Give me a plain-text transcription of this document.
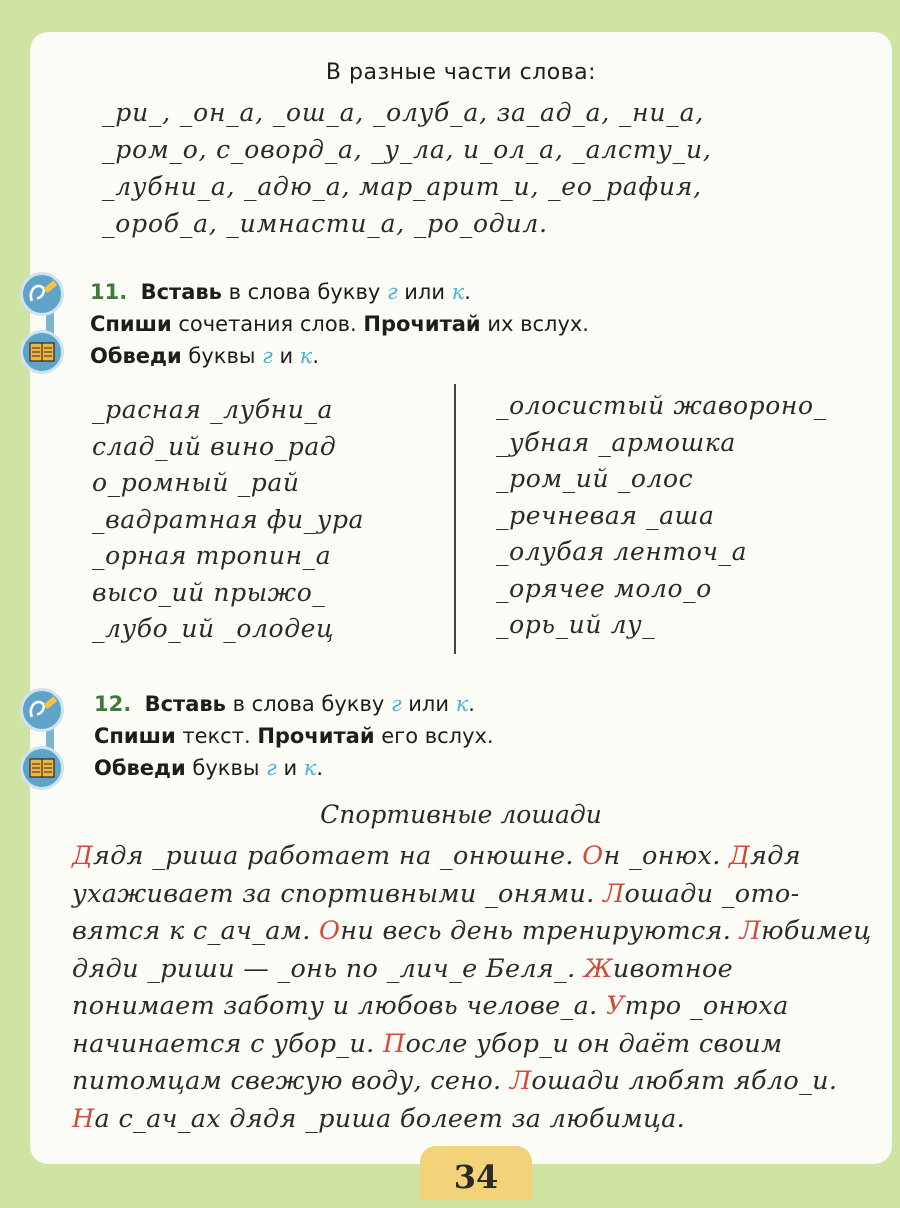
В разные части слова:
_ри_, _он_а, _ош_а, _олуб_а, за_ад_а, _ни_а,
_ром_о, с_оворд_а, _у_ла, и_ол_а, _алсту_и,
_лубни_а, _адю_а, мар_арит_и, _ео_рафия,
_ороб_а, _имнасти_а, _ро_одил.
11. Вставь в слова букву г или к.
Спиши сочетания слов. Прочитай их вслух.
Обведи буквы г и к.
_расная _лубни_а
слад_ий вино_рад
о_ромный _рай
_вадратная фи_ура
_орная тропин_а
высо_ий прыжо_
_лубо_ий _олодец
_олосистый жавороно_
_убная _армошка
_ром_ий _олос
_речневая _аша
_олубая ленточ_а
_орячее моло_о
_орь_ий лу_
12. Вставь в слова букву г или к.
Спиши текст. Прочитай его вслух.
Обведи буквы г и к.
Спортивные лошади
Дядя _риша работает на _онюшне. Он _онюх. Дядя
ухаживает за спортивными _онями. Лошади _ото-
вятся к с_ач_ам. Они весь день тренируются. Любимец
дяди _риши — _онь по _лич_е Беля_. Животное
понимает заботу и любовь челове_а. Утро _онюха
начинается с убор_и. После убор_и он даёт своим
питомцам свежую воду, сено. Лошади любят ябло_и.
На с_ач_ах дядя _риша болеет за любимца.
34
